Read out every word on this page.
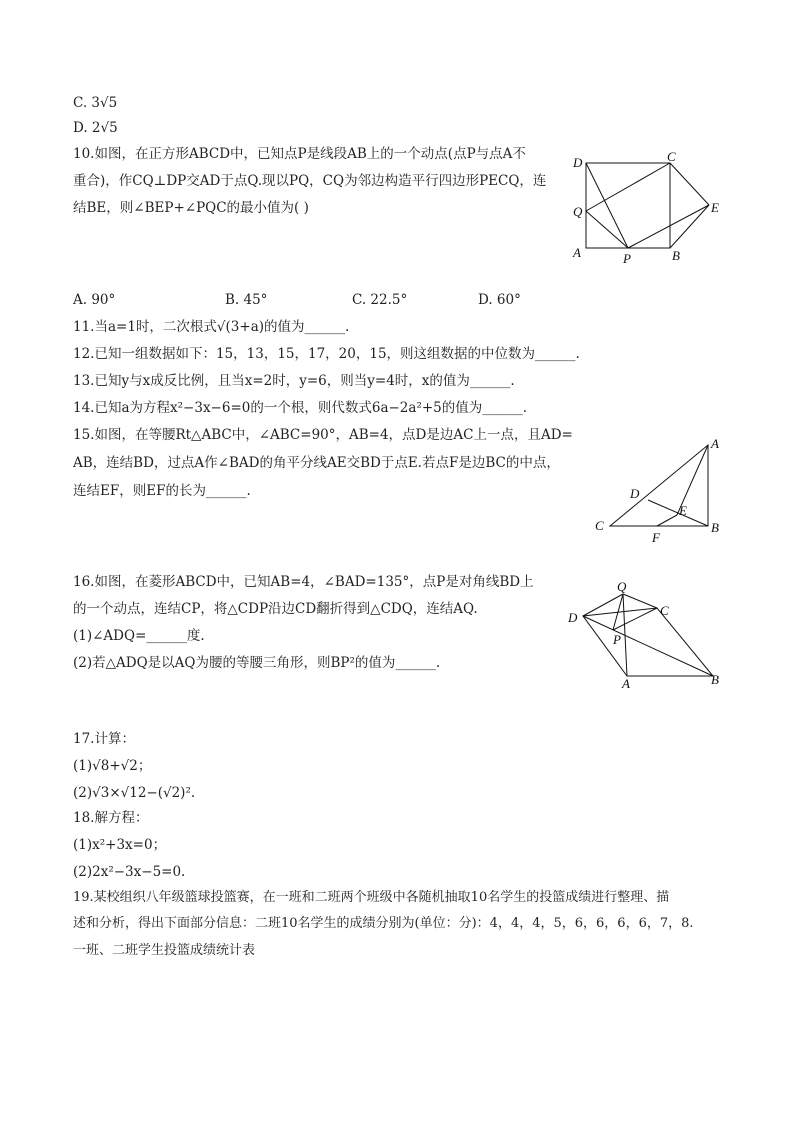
C. 3√5
D. 2√5
10.如图，在正方形ABCD中，已知点P是线段AB上的一个动点(点P与点A不
重合)，作CQ⊥DP交AD于点Q.现以PQ，CQ为邻边构造平行四边形PECQ，连
结BE，则∠BEP+∠PQC的最小值为( )
D	C
Q	E
A	P	B
A. 90°	B. 45°	C. 22.5°	D. 60°
11.当a=1时，二次根式√(3+a)的值为______.
12.已知一组数据如下：15，13，15，17，20，15，则这组数据的中位数为______.
13.已知y与x成反比例，且当x=2时，y=6，则当y=4时，x的值为______.
14.已知a为方程x²−3x−6=0的一个根，则代数式6a−2a²+5的值为______.
15.如图，在等腰Rt△ABC中，∠ABC=90°，AB=4，点D是边AC上一点，且AD=
AB，连结BD，过点A作∠BAD的角平分线AE交BD于点E.若点F是边BC的中点，
连结EF，则EF的长为______.
A
D
E
C
F
B
16.如图，在菱形ABCD中，已知AB=4，∠BAD=135°，点P是对角线BD上
的一个动点，连结CP，将△CDP沿边CD翻折得到△CDQ，连结AQ.
(1)∠ADQ=______度.
(2)若△ADQ是以AQ为腰的等腰三角形，则BP²的值为______.
Q
C
D
P
A	B
17.计算：
(1)√8+√2；
(2)√3×√12−(√2)².
18.解方程：
(1)x²+3x=0；
(2)2x²−3x−5=0.
19.某校组织八年级篮球投篮赛，在一班和二班两个班级中各随机抽取10名学生的投篮成绩进行整理、描
述和分析，得出下面部分信息：二班10名学生的成绩分别为(单位：分)：4，4，4，5，6，6，6，6，7，8.
一班、二班学生投篮成绩统计表
